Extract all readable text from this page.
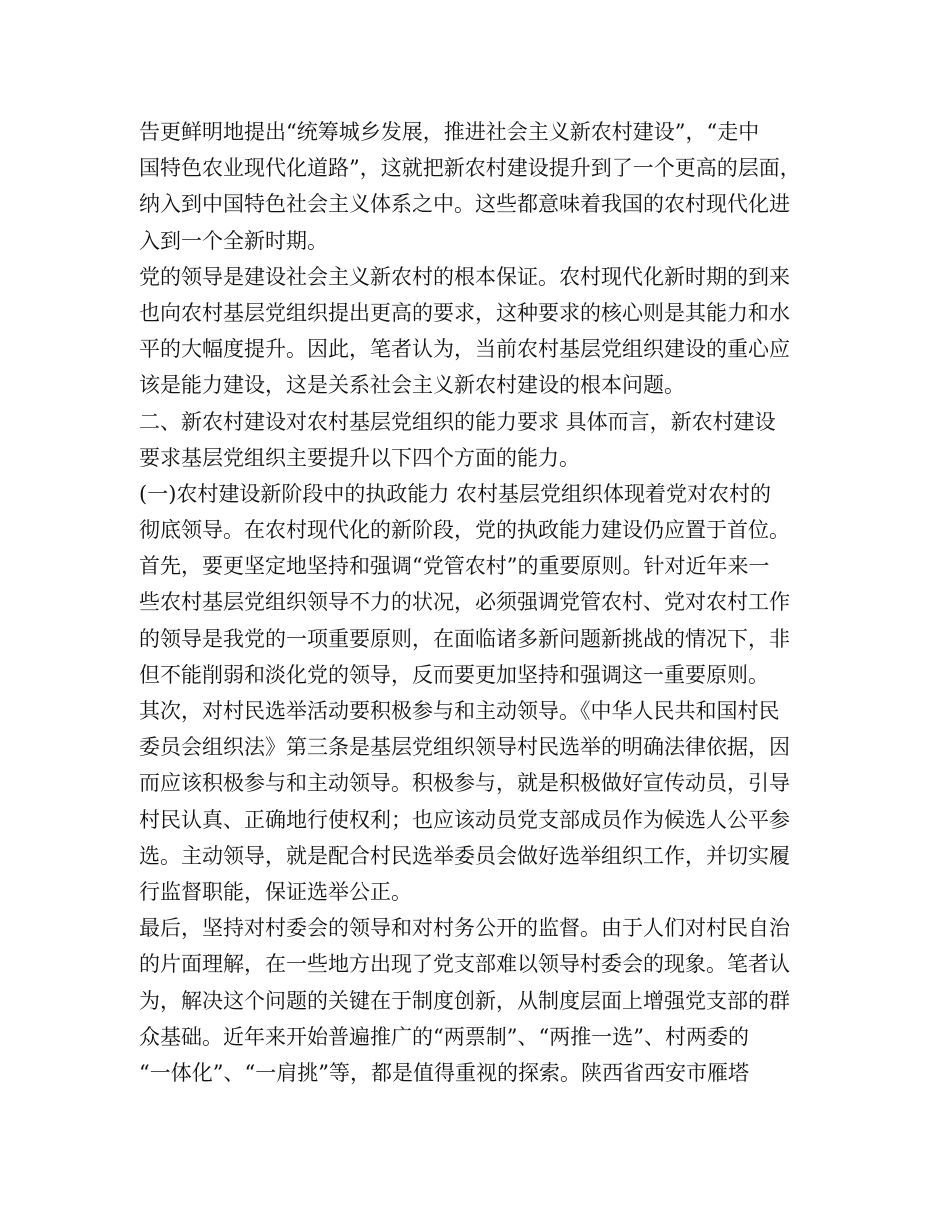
告更鲜明地提出“统筹城乡发展，推进社会主义新农村建设”，“走中
国特色农业现代化道路”，这就把新农村建设提升到了一个更高的层面，
纳入到中国特色社会主义体系之中。这些都意味着我国的农村现代化进
入到一个全新时期。
党的领导是建设社会主义新农村的根本保证。农村现代化新时期的到来
也向农村基层党组织提出更高的要求，这种要求的核心则是其能力和水
平的大幅度提升。因此，笔者认为，当前农村基层党组织建设的重心应
该是能力建设，这是关系社会主义新农村建设的根本问题。
二、新农村建设对农村基层党组织的能力要求 具体而言，新农村建设
要求基层党组织主要提升以下四个方面的能力。
(一)农村建设新阶段中的执政能力 农村基层党组织体现着党对农村的
彻底领导。在农村现代化的新阶段，党的执政能力建设仍应置于首位。
首先，要更坚定地坚持和强调“党管农村”的重要原则。针对近年来一
些农村基层党组织领导不力的状况，必须强调党管农村、党对农村工作
的领导是我党的一项重要原则，在面临诸多新问题新挑战的情况下，非
但不能削弱和淡化党的领导，反而要更加坚持和强调这一重要原则。
其次，对村民选举活动要积极参与和主动领导。《中华人民共和国村民
委员会组织法》第三条是基层党组织领导村民选举的明确法律依据，因
而应该积极参与和主动领导。积极参与，就是积极做好宣传动员，引导
村民认真、正确地行使权利；也应该动员党支部成员作为候选人公平参
选。主动领导，就是配合村民选举委员会做好选举组织工作，并切实履
行监督职能，保证选举公正。
最后，坚持对村委会的领导和对村务公开的监督。由于人们对村民自治
的片面理解，在一些地方出现了党支部难以领导村委会的现象。笔者认
为，解决这个问题的关键在于制度创新，从制度层面上增强党支部的群
众基础。近年来开始普遍推广的“两票制”、“两推一选”、村两委的
“一体化”、“一肩挑”等，都是值得重视的探索。陕西省西安市雁塔
